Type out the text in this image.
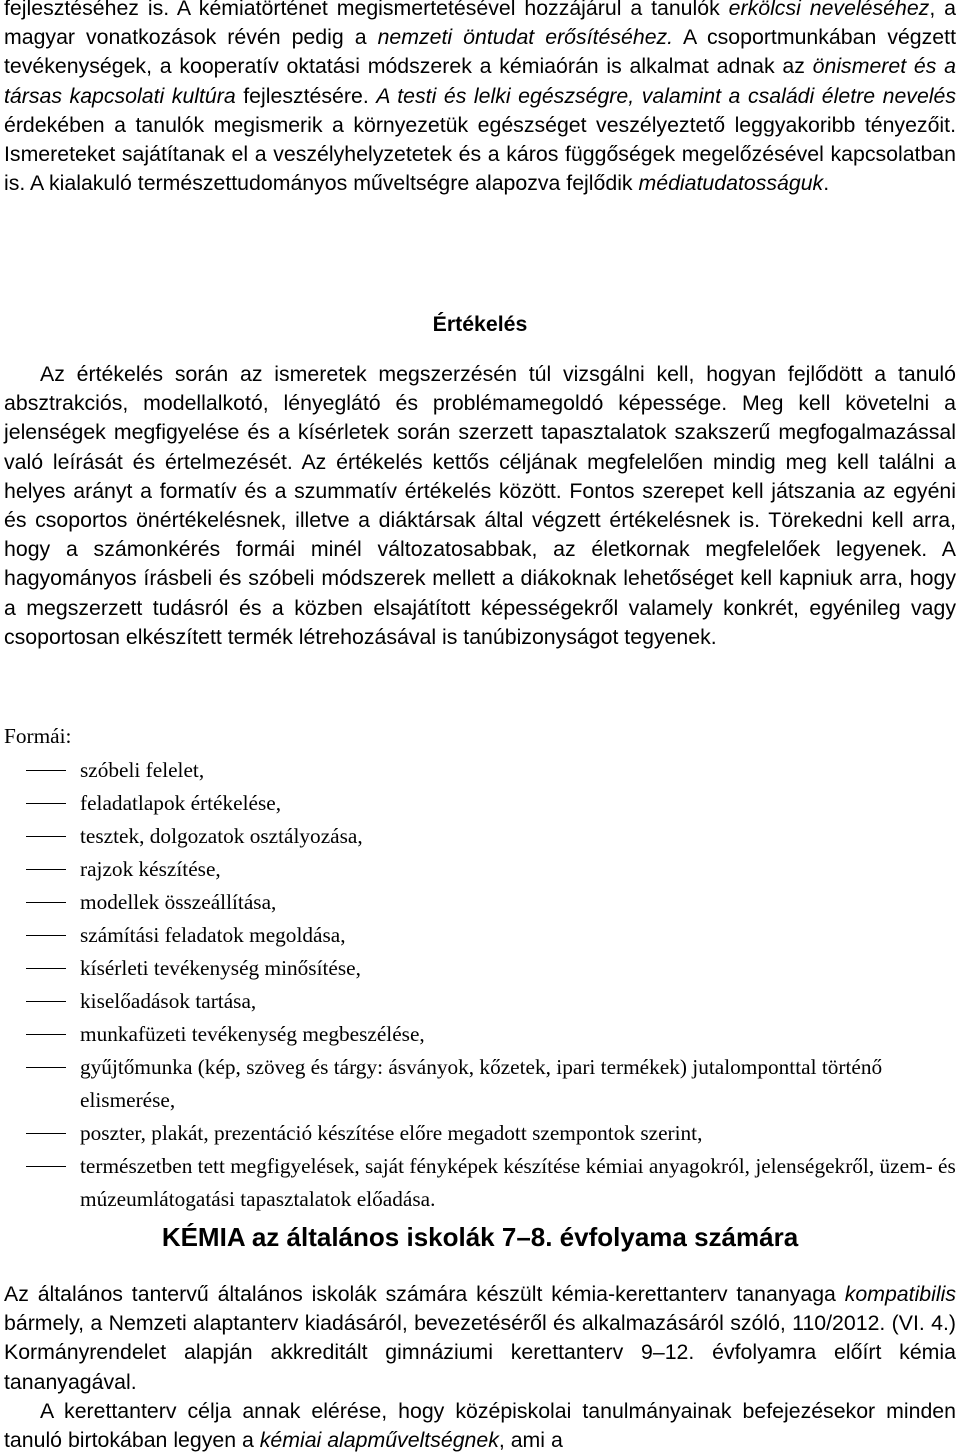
fejlesztéséhez is. A kémiatörténet megismertetésével hozzájárul a tanulók erkölcsi neveléséhez, a magyar vonatkozások révén pedig a nemzeti öntudat erősítéséhez. A csoportmunkában végzett tevékenységek, a kooperatív oktatási módszerek a kémiaórán is alkalmat adnak az önismeret és a társas kapcsolati kultúra fejlesztésére. A testi és lelki egészségre, valamint a családi életre nevelés érdekében a tanulók megismerik a környezetük egészséget veszélyeztető leggyakoribb tényezőit. Ismereteket sajátítanak el a veszélyhelyzetetek és a káros függőségek megelőzésével kapcsolatban is. A kialakuló természettudományos műveltségre alapozva fejlődik médiatudatosságuk.
Értékelés

Az értékelés során az ismeretek megszerzésén túl vizsgálni kell, hogyan fejlődött a tanuló absztrakciós, modellalkotó, lényeglátó és problémamegoldó képessége. Meg kell követelni a jelenségek megfigyelése és a kísérletek során szerzett tapasztalatok szakszerű megfogalmazással való leírását és értelmezését. Az értékelés kettős céljának megfelelően mindig meg kell találni a helyes arányt a formatív és a szummatív értékelés között. Fontos szerepet kell játszania az egyéni és csoportos önértékelésnek, illetve a diáktársak által végzett értékelésnek is. Törekedni kell arra, hogy a számonkérés formái minél változatosabbak, az életkornak megfelelőek legyenek. A hagyományos írásbeli és szóbeli módszerek mellett a diákoknak lehetőséget kell kapniuk arra, hogy a megszerzett tudásról és a közben elsajátított képességekről valamely konkrét, egyénileg vagy csoportosan elkészített termék létrehozásával is tanúbizonyságot tegyenek.

Formái:
szóbeli felelet,
feladatlapok értékelése,
tesztek, dolgozatok osztályozása,
rajzok készítése,
modellek összeállítása,
számítási feladatok megoldása,
kísérleti tevékenység minősítése,
kiselőadások tartása,
munkafüzeti tevékenység megbeszélése,
gyűjtőmunka (kép, szöveg és tárgy: ásványok, kőzetek, ipari termékek) jutalomponttal történő elismerése,
poszter, plakát, prezentáció készítése előre megadott szempontok szerint,
természetben tett megfigyelések, saját fényképek készítése kémiai anyagokról, jelenségekről, üzem- és múzeumlátogatási tapasztalatok előadása.
KÉMIA az általános iskolák 7–8. évfolyama számára
Az általános tantervű általános iskolák számára készült kémia-kerettanterv tananyaga kompatibilis bármely, a Nemzeti alaptanterv kiadásáról, bevezetéséről és alkalmazásáról szóló, 110/2012. (VI. 4.) Kormányrendelet alapján akkreditált gimnáziumi kerettanterv 9–12. évfolyamra előírt kémia tananyagával.
A kerettanterv célja annak elérése, hogy középiskolai tanulmányainak befejezésekor minden tanuló birtokában legyen a kémiai alapműveltségnek, ami a
